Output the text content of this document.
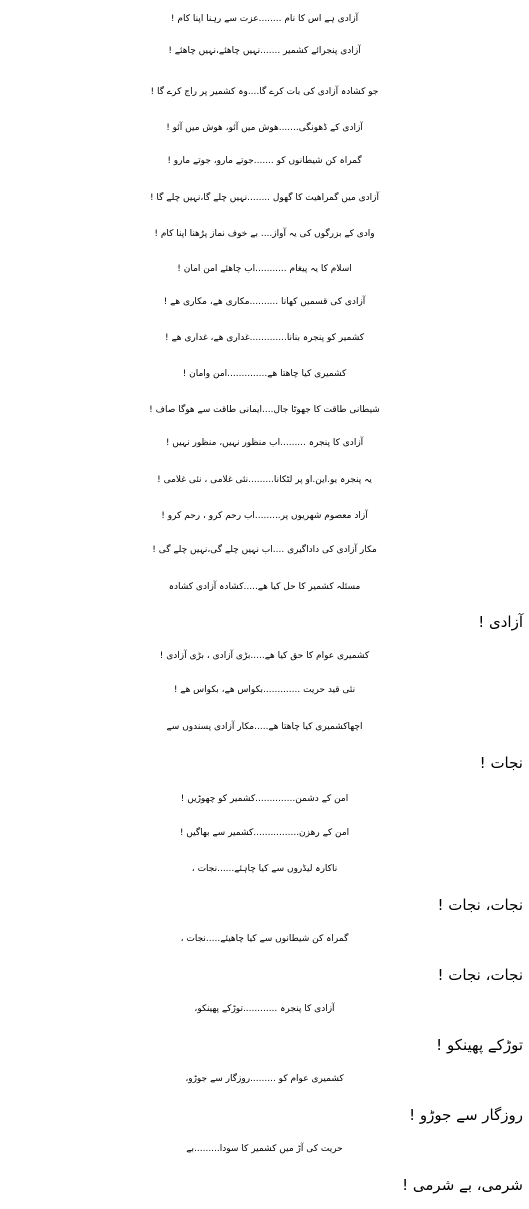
آزادی ہے اس کا نام ........عزت سے رہنا اپنا کام !
آزادی پنجرائے کشمیر .......نہیں چاھئے،نہیں چاھئے !
جو کشادہ آزادی کی بات کرے گا....وہ کشمیر پر راج کرے گا !
آزادی کے ڈھونگی.......ھوش میں آئو، ھوش میں آئو !
گمراہ کن شیطانوں کو .......جوتے مارو، جوتے مارو !
آزادی میں گمراھیت کا گھول ........نہیں چلے گا،نہیں چلے گا !
وادی کے بزرگوں کی یہ آواز.... بے خوف نماز پڑھنا اپنا کام !
اسلام کا یہ پیغام ...........اب چاھئے امن امان !
آزادی کی قسمیں کھانا ..........مکاری ھے، مکاری ھے !
کشمیر کو پنجرہ بنانا.............غداری ھے، غداری ھے !
کشمیری کیا چاھتا ھے..............امن وامان !
شیطانی طاقت کا جھوٹا جال....ایمانی طاقت سے ھوگا صاف !
آزادی کا پنجرہ .........اب منظور نہیں، منظور نہیں !
یہ پنجرہ یو.این.او پر لٹکانا.........نئی غلامی ، نئی غلامی !
آزاد معصوم شھریوں پر.........اب رحم کرو ، رحم کرو !
مکار آزادی کی داداگیری ....اب نہیں چلے گی،نہیں چلے گی !
مسئلہ کشمیر کا حل کیا ھے.....کشادہ آزادی کشادہ
آزادی !
کشمیری عوام کا حق کیا ھے.....بڑی آزادی ، بڑی آزادی !
نئی قید حریت .............بکواس ھے، بکواس ھے !
اچھاکشمیری کیا چاھتا ھے.....مکار آزادی پسندوں سے
نجات !
امن کے دشمن..............کشمیر کو چھوڑیں !
امن کے رھزن................کشمیر سے بھاگیں !
ناکارہ لیڈروں سے کیا چاہئے......نجات ،
نجات، نجات !
گمراہ کن شیطانوں سے کیا چاھیئے.....نجات ،
نجات، نجات !
آزادی کا پنجرہ ............توڑکے پھینکو،
توڑکے پھینکو !
کشمیری عوام کو .........روزگار سے جوڑو،
روزگار سے جوڑو !
حریت کی آڑ میں کشمیر کا سودا.........بے
شرمی، بے شرمی !
